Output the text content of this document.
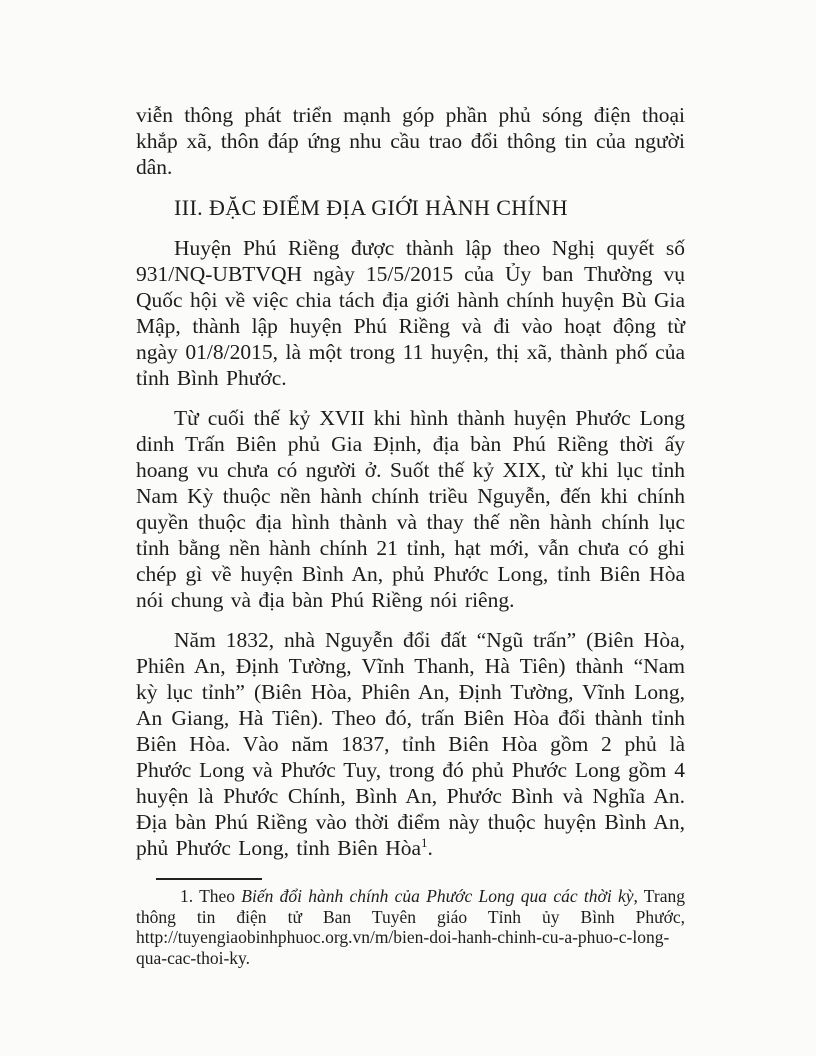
viễn thông phát triển mạnh góp phần phủ sóng điện thoại khắp xã, thôn đáp ứng nhu cầu trao đổi thông tin của người dân.

III. ĐẶC ĐIỂM ĐỊA GIỚI HÀNH CHÍNH

Huyện Phú Riềng được thành lập theo Nghị quyết số 931/NQ-UBTVQH ngày 15/5/2015 của Ủy ban Thường vụ Quốc hội về việc chia tách địa giới hành chính huyện Bù Gia Mập, thành lập huyện Phú Riềng và đi vào hoạt động từ ngày 01/8/2015, là một trong 11 huyện, thị xã, thành phố của tỉnh Bình Phước.

Từ cuối thế kỷ XVII khi hình thành huyện Phước Long dinh Trấn Biên phủ Gia Định, địa bàn Phú Riềng thời ấy hoang vu chưa có người ở. Suốt thế kỷ XIX, từ khi lục tỉnh Nam Kỳ thuộc nền hành chính triều Nguyễn, đến khi chính quyền thuộc địa hình thành và thay thế nền hành chính lục tỉnh bằng nền hành chính 21 tỉnh, hạt mới, vẫn chưa có ghi chép gì về huyện Bình An, phủ Phước Long, tỉnh Biên Hòa nói chung và địa bàn Phú Riềng nói riêng.

Năm 1832, nhà Nguyễn đổi đất “Ngũ trấn” (Biên Hòa, Phiên An, Định Tường, Vĩnh Thanh, Hà Tiên) thành “Nam kỳ lục tỉnh” (Biên Hòa, Phiên An, Định Tường, Vĩnh Long, An Giang, Hà Tiên). Theo đó, trấn Biên Hòa đổi thành tỉnh Biên Hòa. Vào năm 1837, tỉnh Biên Hòa gồm 2 phủ là Phước Long và Phước Tuy, trong đó phủ Phước Long gồm 4 huyện là Phước Chính, Bình An, Phước Bình và Nghĩa An. Địa bàn Phú Riềng vào thời điểm này thuộc huyện Bình An, phủ Phước Long, tỉnh Biên Hòa$^1$.

1. Theo Biến đổi hành chính của Phước Long qua các thời kỳ, Trang thông tin điện tử Ban Tuyên giáo Tỉnh ủy Bình Phước, http://tuyengiaobinhphuoc.org.vn/m/bien-doi-hanh-chinh-cu-a-phuo-c-long-qua-cac-thoi-ky.
